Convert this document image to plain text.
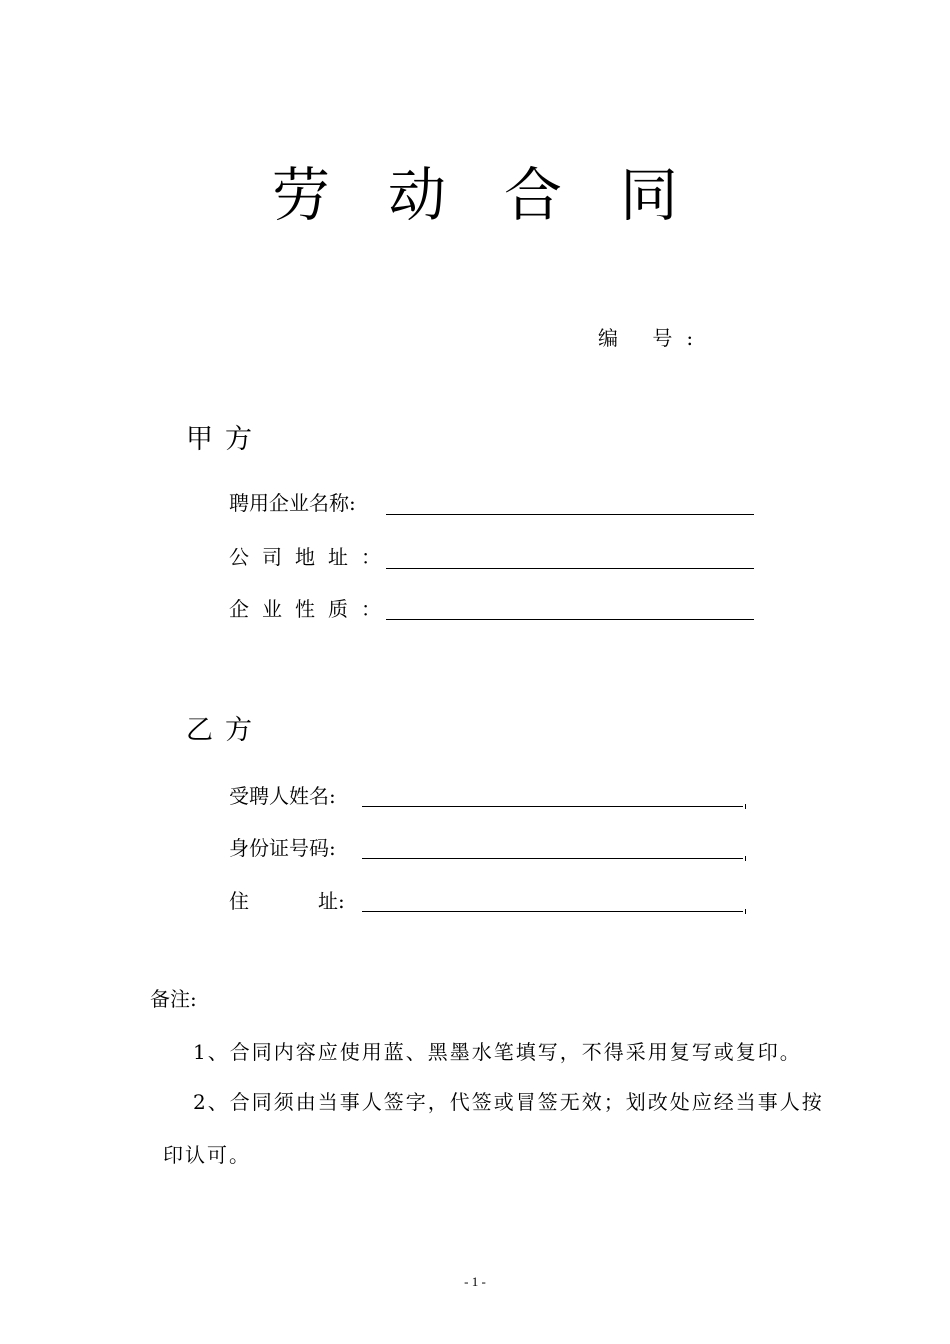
劳 动 合 同
编 号:
甲方
聘用企业名称:
公司地址：
企业性质：
乙方
受聘人姓名:
身份证号码:
住	址:
备注:
1、合同内容应使用蓝、黑墨水笔填写，不得采用复写或复印。
2、合同须由当事人签字，代签或冒签无效；划改处应经当事人按
印认可。
- 1 -
